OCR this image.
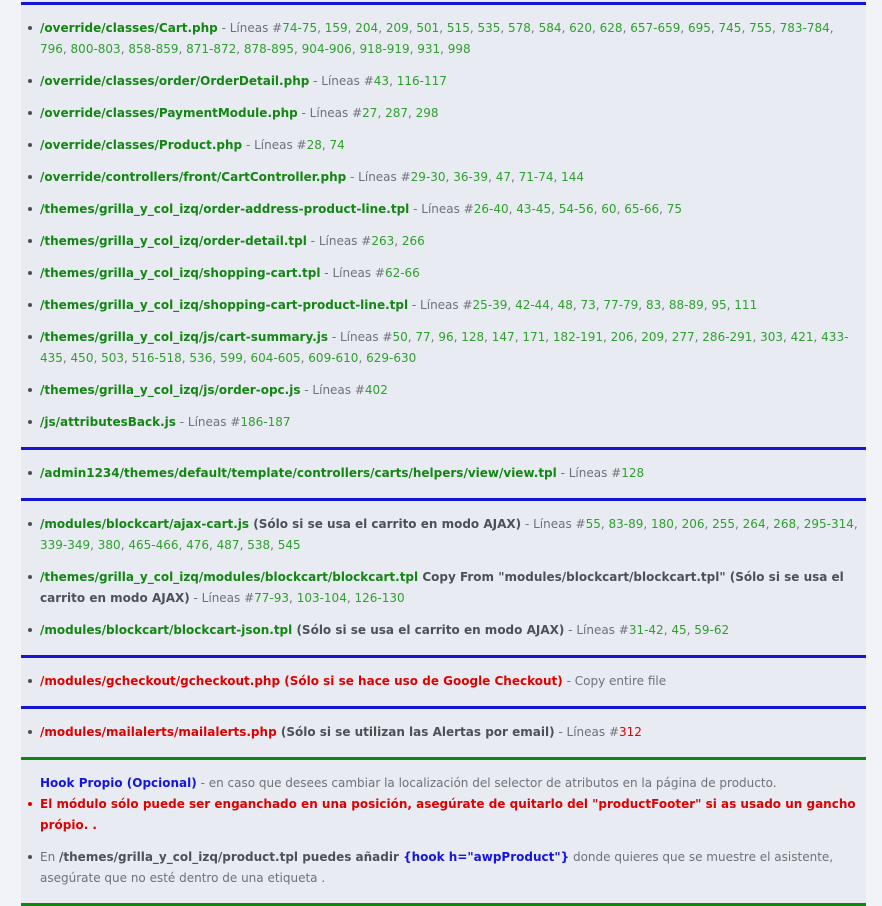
/override/classes/Cart.php - Líneas #74-75, 159, 204, 209, 501, 515, 535, 578, 584, 620, 628, 657-659, 695, 745, 755, 783-784, 796, 800-803, 858-859, 871-872, 878-895, 904-906, 918-919, 931, 998
/override/classes/order/OrderDetail.php - Líneas #43, 116-117
/override/classes/PaymentModule.php - Líneas #27, 287, 298
/override/classes/Product.php - Líneas #28, 74
/override/controllers/front/CartController.php - Líneas #29-30, 36-39, 47, 71-74, 144
/themes/grilla_y_col_izq/order-address-product-line.tpl - Líneas #26-40, 43-45, 54-56, 60, 65-66, 75
/themes/grilla_y_col_izq/order-detail.tpl - Líneas #263, 266
/themes/grilla_y_col_izq/shopping-cart.tpl - Líneas #62-66
/themes/grilla_y_col_izq/shopping-cart-product-line.tpl - Líneas #25-39, 42-44, 48, 73, 77-79, 83, 88-89, 95, 111
/themes/grilla_y_col_izq/js/cart-summary.js - Líneas #50, 77, 96, 128, 147, 171, 182-191, 206, 209, 277, 286-291, 303, 421, 433-435, 450, 503, 516-518, 536, 599, 604-605, 609-610, 629-630
/themes/grilla_y_col_izq/js/order-opc.js - Líneas #402
/js/attributesBack.js - Líneas #186-187
/admin1234/themes/default/template/controllers/carts/helpers/view/view.tpl - Líneas #128
/modules/blockcart/ajax-cart.js (Sólo si se usa el carrito en modo AJAX) - Líneas #55, 83-89, 180, 206, 255, 264, 268, 295-314, 339-349, 380, 465-466, 476, 487, 538, 545
/themes/grilla_y_col_izq/modules/blockcart/blockcart.tpl Copy From "modules/blockcart/blockcart.tpl" (Sólo si se usa el carrito en modo AJAX) - Líneas #77-93, 103-104, 126-130
/modules/blockcart/blockcart-json.tpl (Sólo si se usa el carrito en modo AJAX) - Líneas #31-42, 45, 59-62
/modules/gcheckout/gcheckout.php (Sólo si se hace uso de Google Checkout) - Copy entire file
/modules/mailalerts/mailalerts.php (Sólo si se utilizan las Alertas por email) - Líneas #312
Hook Propio (Opcional) - en caso que desees cambiar la localización del selector de atributos en la página de producto.
El módulo sólo puede ser enganchado en una posición, asegúrate de quitarlo del "productFooter" si as usado un gancho própio. .
En /themes/grilla_y_col_izq/product.tpl puedes añadir {hook h="awpProduct"} donde quieres que se muestre el asistente, asegúrate que no esté dentro de una etiqueta .
